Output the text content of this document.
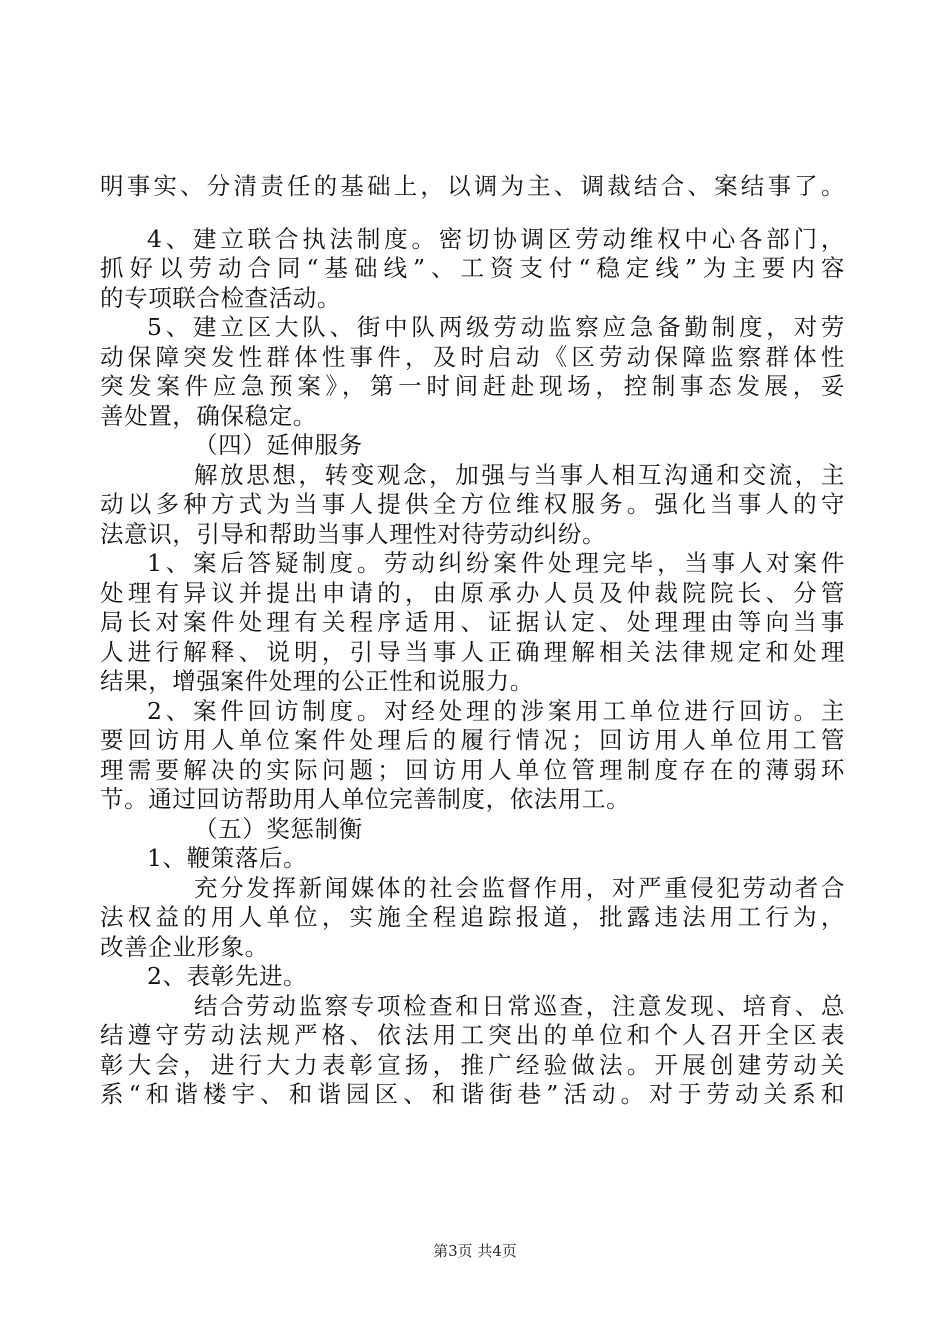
明事实、分清责任的基础上，以调为主、调裁结合、案结事了。
4、建立联合执法制度。密切协调区劳动维权中心各部门，
抓好以劳动合同“基础线”、工资支付“稳定线”为主要内容
的专项联合检查活动。
5、建立区大队、街中队两级劳动监察应急备勤制度，对劳
动保障突发性群体性事件，及时启动《区劳动保障监察群体性
突发案件应急预案》，第一时间赶赴现场，控制事态发展，妥
善处置，确保稳定。
（四）延伸服务
解放思想，转变观念，加强与当事人相互沟通和交流，主
动以多种方式为当事人提供全方位维权服务。强化当事人的守
法意识，引导和帮助当事人理性对待劳动纠纷。
1、案后答疑制度。劳动纠纷案件处理完毕，当事人对案件
处理有异议并提出申请的，由原承办人员及仲裁院院长、分管
局长对案件处理有关程序适用、证据认定、处理理由等向当事
人进行解释、说明，引导当事人正确理解相关法律规定和处理
结果，增强案件处理的公正性和说服力。
2、案件回访制度。对经处理的涉案用工单位进行回访。主
要回访用人单位案件处理后的履行情况；回访用人单位用工管
理需要解决的实际问题；回访用人单位管理制度存在的薄弱环
节。通过回访帮助用人单位完善制度，依法用工。
（五）奖惩制衡
1、鞭策落后。
充分发挥新闻媒体的社会监督作用，对严重侵犯劳动者合
法权益的用人单位，实施全程追踪报道，批露违法用工行为，
改善企业形象。
2、表彰先进。
结合劳动监察专项检查和日常巡查，注意发现、培育、总
结遵守劳动法规严格、依法用工突出的单位和个人召开全区表
彰大会，进行大力表彰宣扬，推广经验做法。开展创建劳动关
系“和谐楼宇、和谐园区、和谐街巷”活动。对于劳动关系和
第3页 共4页
